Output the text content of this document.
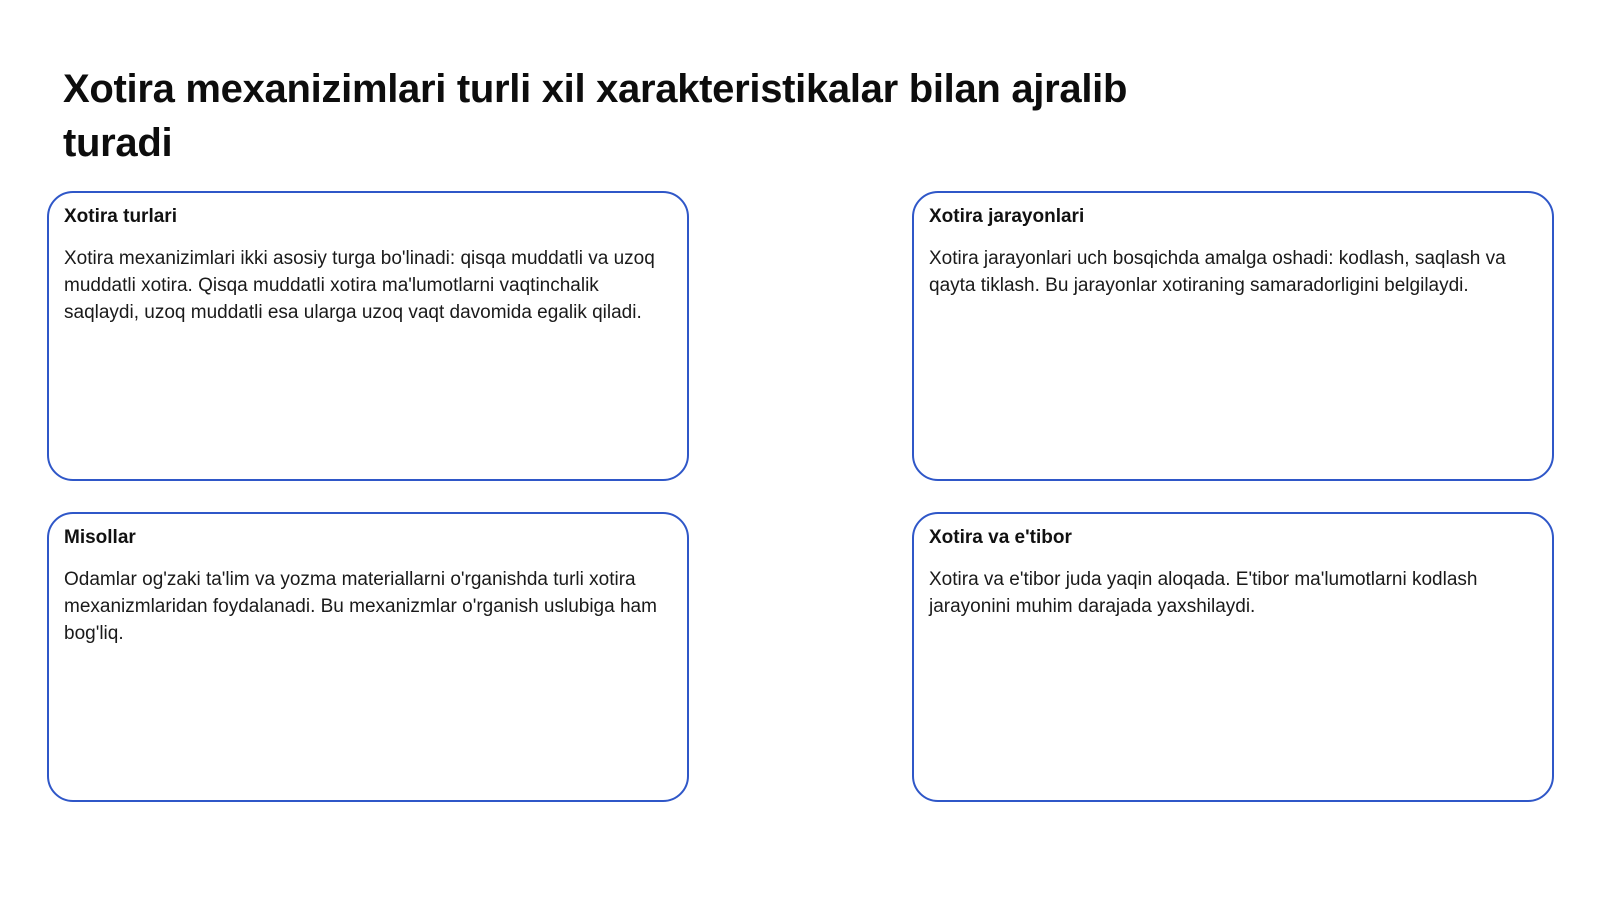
Xotira mexanizimlari turli xil xarakteristikalar bilan ajralib turadi
Xotira turlari
Xotira mexanizimlari ikki asosiy turga bo'linadi: qisqa muddatli va uzoq muddatli xotira. Qisqa muddatli xotira ma'lumotlarni vaqtinchalik saqlaydi, uzoq muddatli esa ularga uzoq vaqt davomida egalik qiladi.
Xotira jarayonlari
Xotira jarayonlari uch bosqichda amalga oshadi: kodlash, saqlash va qayta tiklash. Bu jarayonlar xotiraning samaradorligini belgilaydi.
Misollar
Odamlar og'zaki ta'lim va yozma materiallarni o'rganishda turli xotira mexanizmlaridan foydalanadi. Bu mexanizmlar o'rganish uslubiga ham bog'liq.
Xotira va e'tibor
Xotira va e'tibor juda yaqin aloqada. E'tibor ma'lumotlarni kodlash jarayonini muhim darajada yaxshilaydi.
